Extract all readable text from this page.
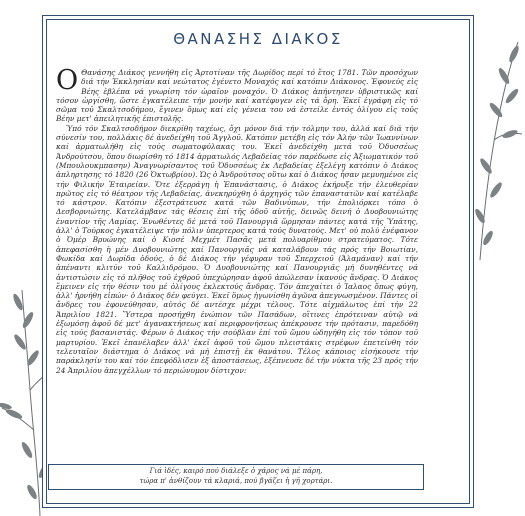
ΘΑΝΑΣΗΣ ΔΙΑΚΟΣ
Ο Θανάσης Διάκος γεννήθη εἰς Ἀρτοτίναν τῆς Δωρίδος περί τό ἔτος 1781. Τῶν προσόχων διά τήν Ἐκκλησίαν καί νεώτατος ἐγένετο Μοναχός καί κατόπιν Διάκονος. Ἐφονεύς εἰς Βέης ἐβλέπα νά γνωρίση τόν ὡραῖον μοναχόν. Ὁ Διάκος ἀπήντησεν ὑβριστικῶς καί τόσον ὠργίσθη, ὥστε ἐγκατέλειπε τήν μονήν καί κατέφυγεν εἰς τά ὄρη. Ἐκεῖ ἐγράφη εἰς τό σῶμα τοῦ Σκαλτσοδήμου, ἔγινεν ὅμως καί εἰς γένεια του νά ἐστείλε ἐντός ὀλίγου εἰς τοῦς Βέην μετ' ἀπειλητικῆς ἐπιστολῆς.

Ὑπό τόν Σκαλτσοδήμον διεκρίθη ταχέως, ὄχι μόνον διά τήν τόλμην του, ἀλλά καί διά τήν σύνεσίν του, πολλάκις δέ ἀνεδείχθη τοῦ Ἀγγλοῦ. Κατόπιν μετέβη εἰς τόν Ἀλήν τῶν Ἰωαννίνων καί ἀρματωλήθη εἰς τούς σωματοφύλακας του. Ἐκεῖ ἀνεδείχθη μετά τοῦ Ὀδυσσέως Ἀνδρούτσου, ὅπου διωρίσθη τό 1814 ἁρματωλός Λεβαδείας τόν παρέδωσε εἰς Ἀξιωματικόν τοῦ (Μπουλουκμπασην) Ἀναγνωρίσαντος τοῦ Ὀδυσσέως ἐκ Λεβαδείας ἐξελέγη κατόπιν ὁ Διάκος ἀπληρτησης τό 1820 (26 Ὀκτωβρίου). Ὡς ὁ Ἀνδρούτσος οὕτω καί ὁ Διάκος ἦσαν μεμυημένοι εἰς τήν Φιλικήν Ἑταιρείαν. Ὅτε ἐξερράγη ἡ Ἐπανάστασις, ὁ Διάκος ἐκήρυξε τήν ἐλευθερίαν πρῶτος εἰς τό θέατρον τῆς Λεβαδείας, ἀνεκηρύχθη ὁ ἀρχηγός τῶν ἐπαναστατῶν καί κατέλαβε τό κάστρον. Κατόπιν ἐξεστράτευσε κατά τῶν Βαδινύπων, τήν ἐπολιόρκει τόπο ὁ Δεσβορνιώτης. Κατελάμβανε τάς θέσεις ἐπί τῆς ὁδοῦ αὐτῆς, δεινῶς δεινή ὁ Δυοβουνιώτης ἐναντίον τῆς Λαμίας. Ἐνωθέντες δέ μετά τοῦ Πανουργιᾶ ὥρμησαν πάντες κατά τῆς Ὑπάτης, ἀλλ' ὁ Τούρκος ἐγκατέλειψε τήν πόλιν ὑπερτερος κατά τούς δυνατούς. Μετ' οὐ πολύ ἐνέφανον ὁ Ὀμέρ Βρυώνης καί ὁ Κιοσέ Μεχμέτ Πασᾶς μετά πολυαρίθμου στρατεύματος. Τότε ἀπεφασίσθη ἡ μέν Δυοβουνιώτης καί Πανουργιᾶς νά καταλάβουν τάς πρός τήν Βοιωτίαν, Φωκίδα καί Δωρίδα ὁδούς, ὁ δέ Διάκος τήν γέφυραν τοῦ Σπερχειοῦ (Ἀλαμάναν) καί τήν ἀπέναντι κλιτύν τοῦ Καλλιδρόμου. Ὁ Δυοβουνιώτης καί Πανουργιᾶς μή δυνηθέντες νά ἀντιστώσιν εἰς τό πλῆθος τοῦ ἐχθροῦ ὑπεχώρησαν ἀφοῦ ἀπώλεσαν ἱκανούς ἄνδρας. Ὁ Διάκος ἔμεινεν εἰς τήν θέσιν του μέ ὀλίγους ἐκλεκτούς ἄνδρας. Τόν ἀπεχαίτει ὁ Ἰαλαος ὅπως φύγη, ἀλλ' ἠρνήθη εἰπών· ὁ Διάκος δέν φεύγει. Ἐκεῖ ὅμως ἠγωνίσθη ἀγῶνα ἀπεγνωσμένον. Πάντες οἱ ἄνδρες του ἐφονεύθησαν, αὐτός δέ αντέσχε μέχρι τέλους. Τότε αἰχμάλωτος ἐπί τήν 22 Ἀπριλίου 1821. Ὕστερα προσήχθη ἐνώπιον τῶν Πασάδων, οἵτινες ἐπρότειναν αὐτῷ νά ἐξωμόσῃ ἀφοῦ δέ μετ' ἀγανακτήσεως καί περιφρονήσεως ἀπέκρουσε τήν πρότασιν, παρεδόθη εἰς τούς βασανιστάς. Φέρων ὁ Διάκος τήν σούβλαν ἐπί τοῦ ὤμου ὠδηγήθη εἰς τόν τόπον τοῦ μαρτυρίου. Ἐκεῖ ἐπανέλαβεν ἀλλ' ἐκεῖ ἀφοῦ τοῦ ὤμου πλειστάκις στρέφων ἐπετείνθη τόν τελευταῖον διάστημα ὁ Διάκος νά μή ἐπιστῇ ἐκ θανάτου. Τέλος κάποιος εἰσήκουσε τήν παράκλησίν του καί τόν ἐπεφόδλισεν ἐξ ἀποστάσεως, ἐξέπνευσε δέ τήν νύκτα τῆς 23 πρός τήν 24 Ἀπριλίου ἀπεγχέλλων τό περιώνυμον δίστιχον:

Γιά ἰδές, καιρό πού διάλεξε ὁ χάρος νά μέ πάρη,
τώρα π' ἀνθίζουν τά κλαριά, πού βγάζει ἡ γῆ χορτάρι.
